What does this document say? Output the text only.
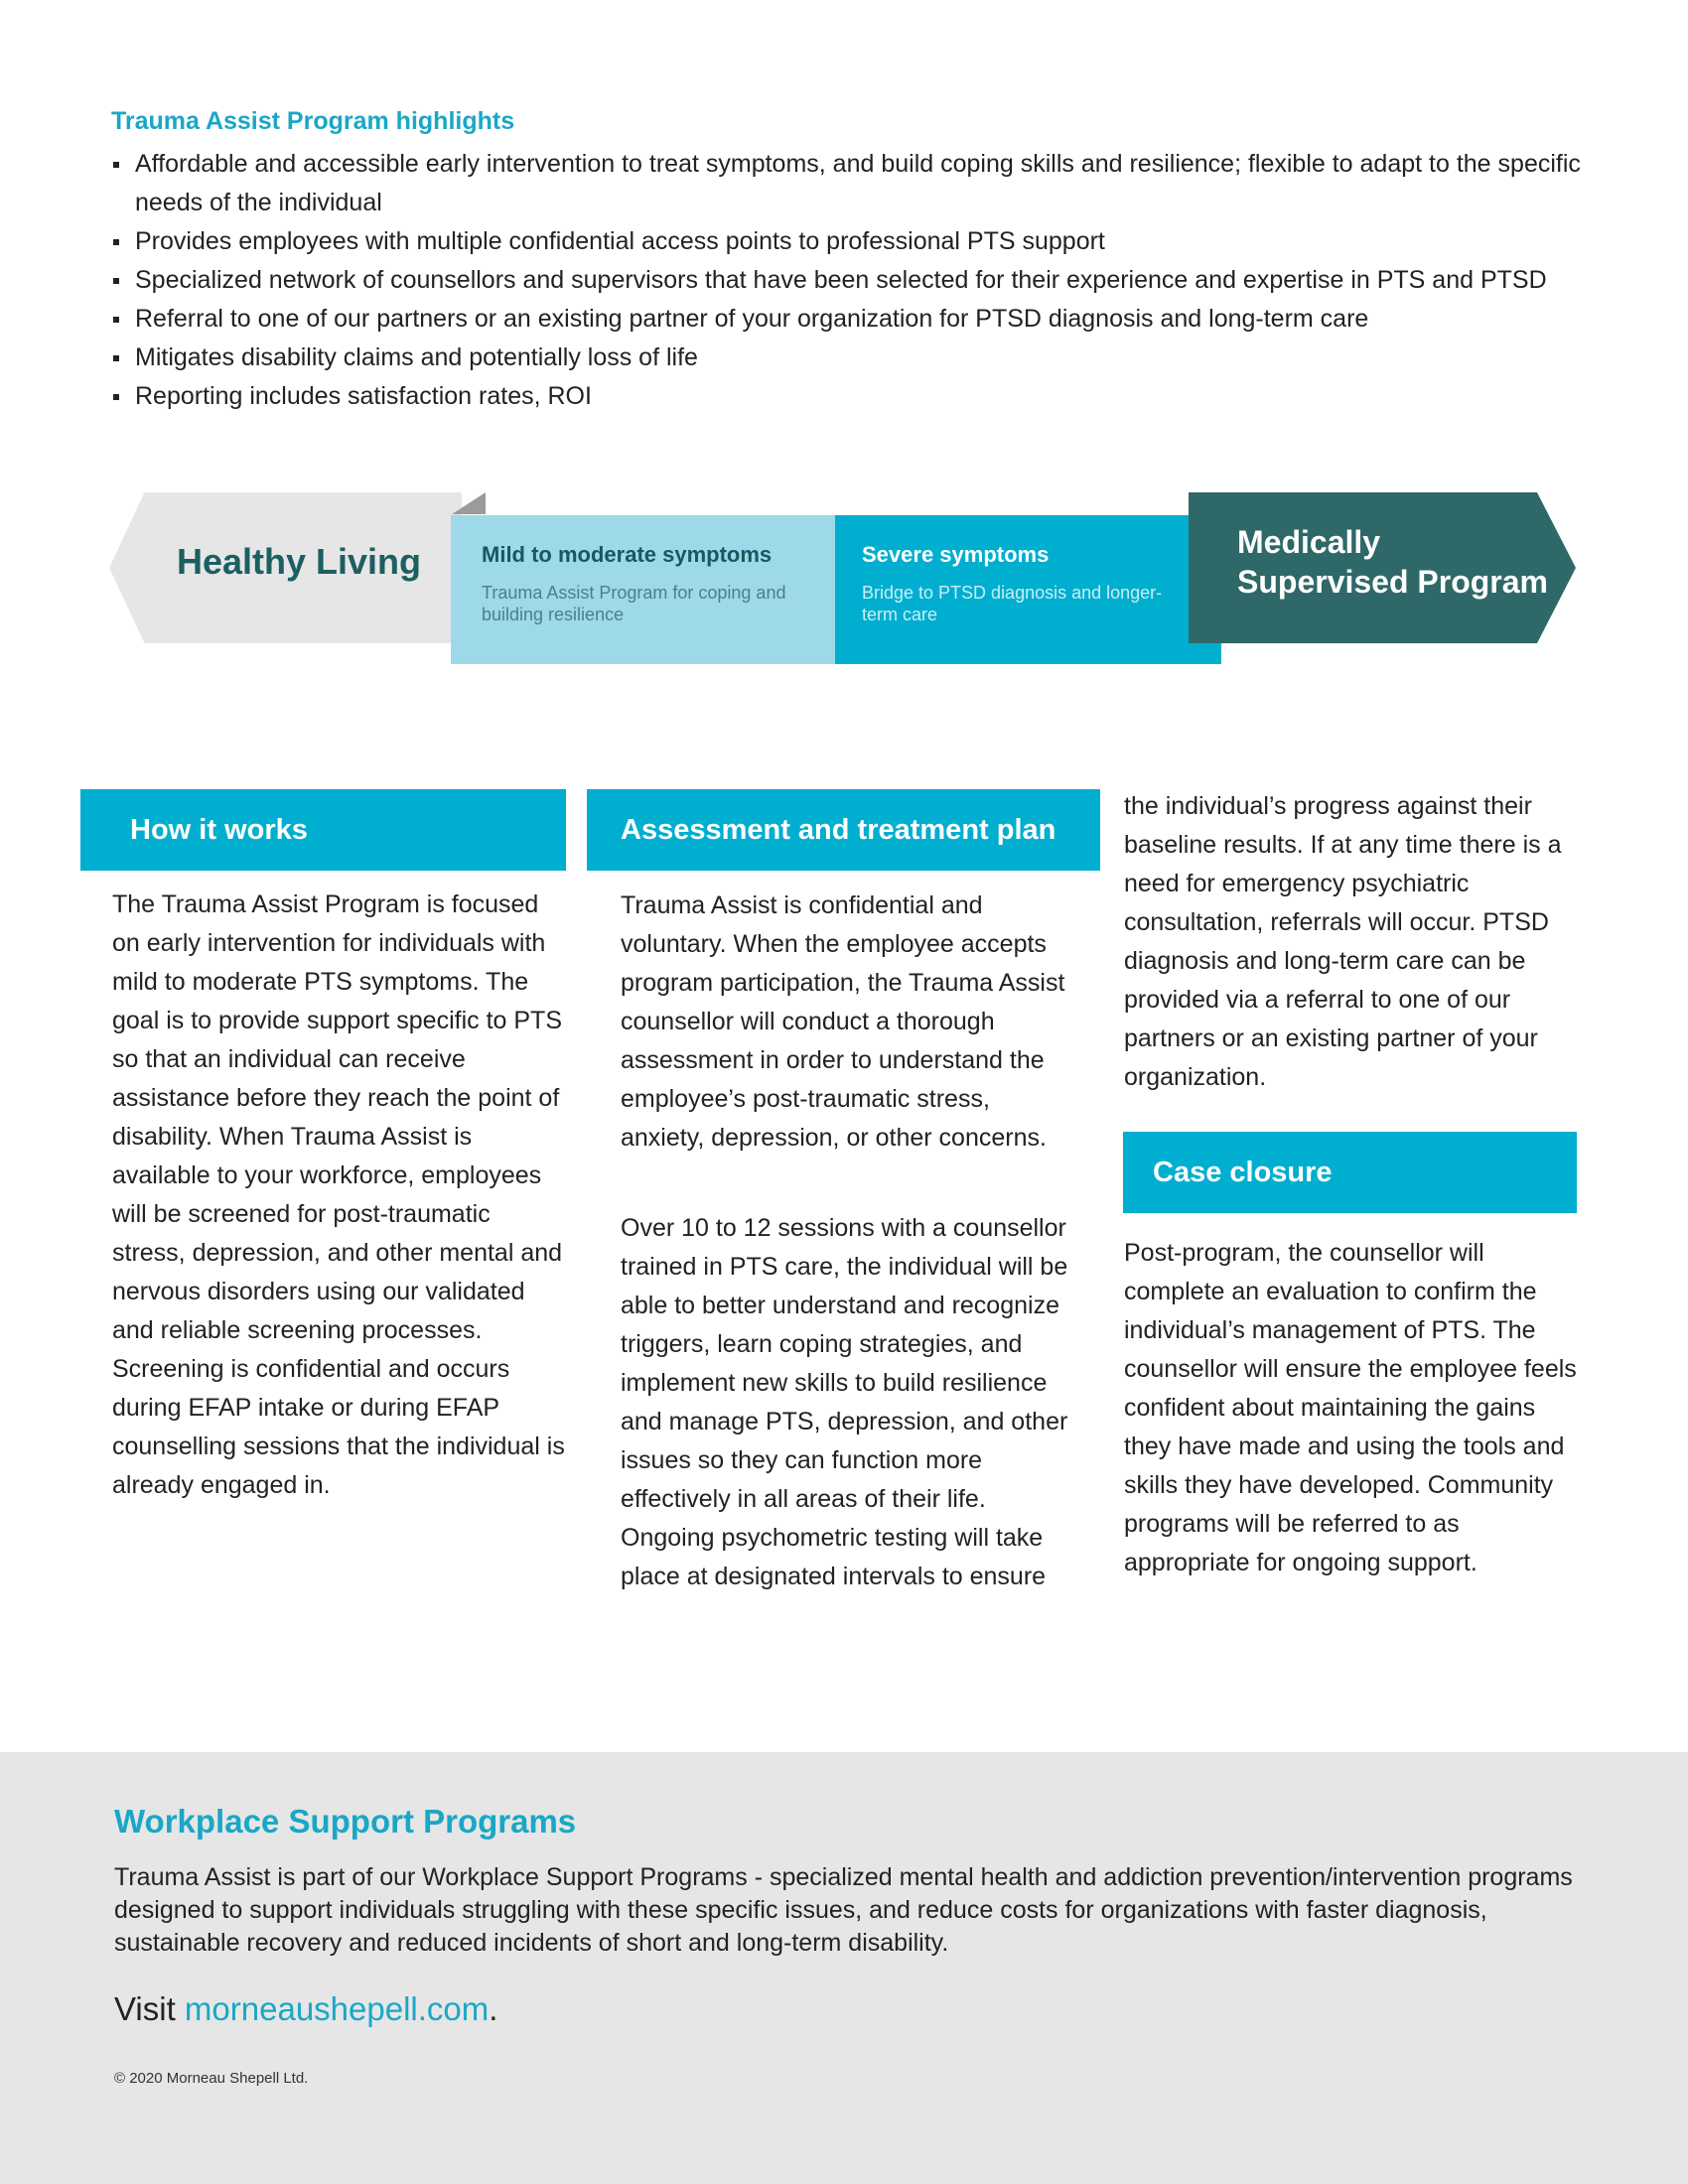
Trauma Assist Program highlights
Affordable and accessible early intervention to treat symptoms, and build coping skills and resilience; flexible to adapt to the specific needs of the individual
Provides employees with multiple confidential access points to professional PTS support
Specialized network of counsellors and supervisors that have been selected for their experience and expertise in PTS and PTSD
Referral to one of our partners or an existing partner of your organization for PTSD diagnosis and long-term care
Mitigates disability claims and potentially loss of life
Reporting includes satisfaction rates, ROI
Healthy Living	Mild to moderate symptoms
Trauma Assist Program for coping and building resilience
Severe symptoms
Bridge to PTSD diagnosis and longer-term care
Medically Supervised Program
How it works

The Trauma Assist Program is focused on early intervention for individuals with mild to moderate PTS symptoms. The goal is to provide support specific to PTS so that an individual can receive assistance before they reach the point of disability. When Trauma Assist is available to your workforce, employees will be screened for post-traumatic stress, depression, and other mental and nervous disorders using our validated and reliable screening processes. Screening is confidential and occurs during EFAP intake or during EFAP counselling sessions that the individual is already engaged in.

Assessment and treatment plan

Trauma Assist is confidential and voluntary. When the employee accepts program participation, the Trauma Assist counsellor will conduct a thorough assessment in order to understand the employee’s post-traumatic stress, anxiety, depression, or other concerns.

Over 10 to 12 sessions with a counsellor trained in PTS care, the individual will be able to better understand and recognize triggers, learn coping strategies, and implement new skills to build resilience and manage PTS, depression, and other issues so they can function more effectively in all areas of their life. Ongoing psychometric testing will take place at designated intervals to ensure

the individual’s progress against their baseline results. If at any time there is a need for emergency psychiatric consultation, referrals will occur. PTSD diagnosis and long-term care can be provided via a referral to one of our partners or an existing partner of your organization.

Case closure

Post-program, the counsellor will complete an evaluation to confirm the individual’s management of PTS. The counsellor will ensure the employee feels confident about maintaining the gains they have made and using the tools and skills they have developed. Community programs will be referred to as appropriate for ongoing support.

Workplace Support Programs
Trauma Assist is part of our Workplace Support Programs - specialized mental health and addiction prevention/intervention programs designed to support individuals struggling with these specific issues, and reduce costs for organizations with faster diagnosis, sustainable recovery and reduced incidents of short and long-term disability.
Visit morneaushepell.com.
© 2020 Morneau Shepell Ltd.
